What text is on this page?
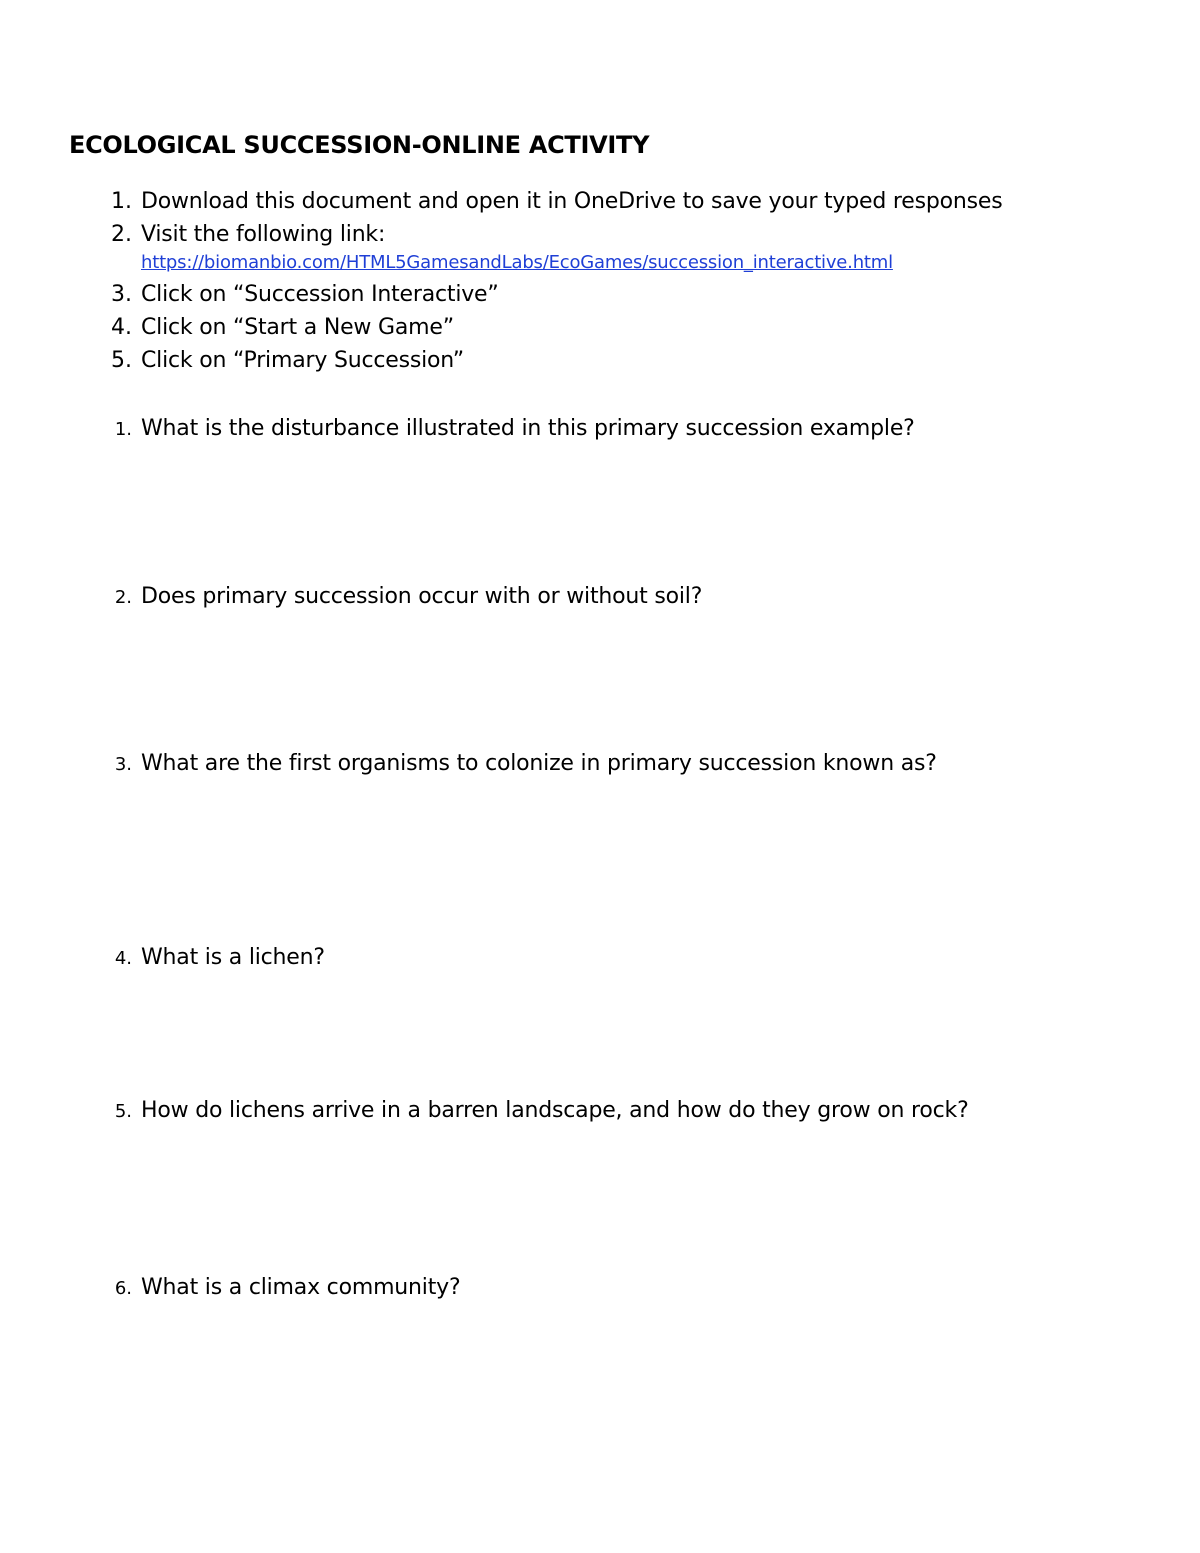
ECOLOGICAL SUCCESSION-ONLINE ACTIVITY
1. Download this document and open it in OneDrive to save your typed responses
2. Visit the following link:
https://biomanbio.com/HTML5GamesandLabs/EcoGames/succession_interactive.html
3. Click on “Succession Interactive”
4. Click on “Start a New Game”
5. Click on “Primary Succession”
1. What is the disturbance illustrated in this primary succession example?
2. Does primary succession occur with or without soil?
3. What are the first organisms to colonize in primary succession known as?
4. What is a lichen?
5. How do lichens arrive in a barren landscape, and how do they grow on rock?
6. What is a climax community?
